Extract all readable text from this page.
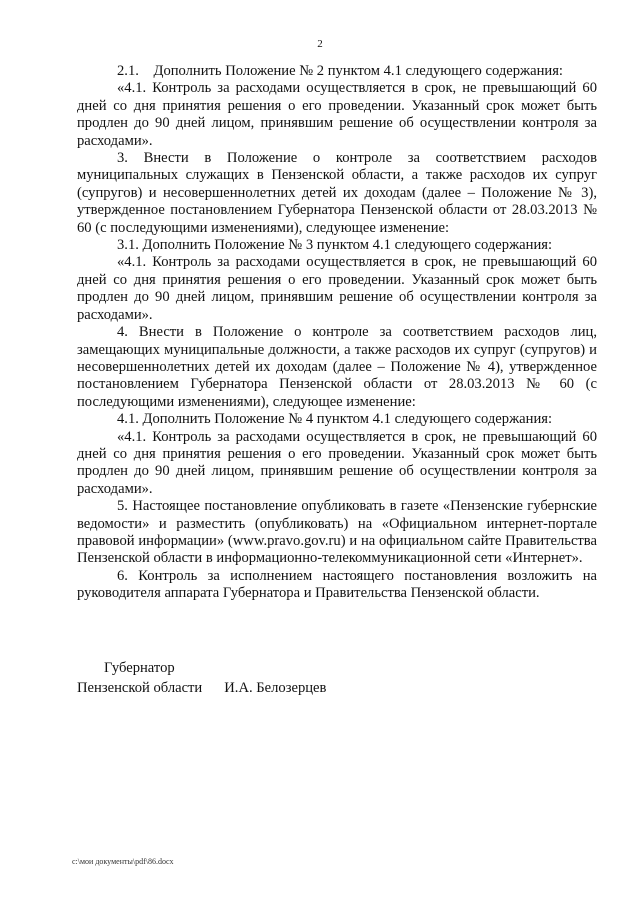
2

2.1.    Дополнить Положение № 2 пунктом 4.1 следующего содержания:

«4.1. Контроль за расходами осуществляется в срок, не превышающий 60 дней со дня принятия решения о его проведении. Указанный срок может быть продлен до 90 дней лицом, принявшим решение об осуществлении контроля за расходами».

3. Внести в Положение о контроле за соответствием расходов муниципальных служащих в Пензенской области, а также расходов их супруг (супругов) и несовершеннолетних детей их доходам (далее – Положение № 3), утвержденное постановлением Губернатора Пензенской области от 28.03.2013 № 60 (с последующими изменениями), следующее изменение:

3.1. Дополнить Положение № 3 пунктом 4.1 следующего содержания:

«4.1. Контроль за расходами осуществляется в срок, не превышающий 60 дней со дня принятия решения о его проведении. Указанный срок может быть продлен до 90 дней лицом, принявшим решение об осуществлении контроля за расходами».

4. Внести в Положение о контроле за соответствием расходов лиц, замещающих муниципальные должности, а также расходов их супруг (супругов) и несовершеннолетних детей их доходам (далее – Положение № 4), утвержденное постановлением Губернатора Пензенской области от 28.03.2013 № 60 (с последующими изменениями), следующее изменение:

4.1. Дополнить Положение № 4 пунктом 4.1 следующего содержания:

«4.1. Контроль за расходами осуществляется в срок, не превышающий 60 дней со дня принятия решения о его проведении. Указанный срок может быть продлен до 90 дней лицом, принявшим решение об осуществлении контроля за расходами».

5. Настоящее постановление опубликовать в газете «Пензенские губернские ведомости» и разместить (опубликовать) на «Официальном интернет-портале правовой информации» (www.pravo.gov.ru) и на официальном сайте Правительства Пензенской области в информационно-телекоммуникационной сети «Интернет».

6. Контроль за исполнением настоящего постановления возложить на руководителя аппарата Губернатора и Правительства Пензенской области.

Губернатор
Пензенской области И.А. Белозерцев
c:\мои документы\pdf\86.docx
